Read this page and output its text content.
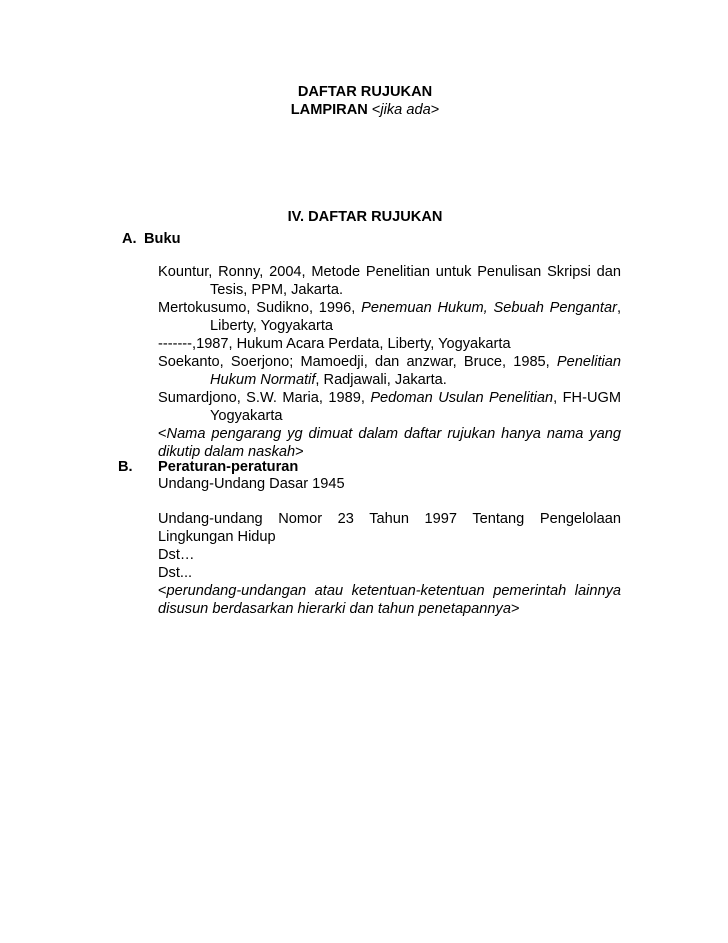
DAFTAR RUJUKAN
LAMPIRAN <jika ada>
IV. DAFTAR RUJUKAN
A. Buku
Kountur, Ronny, 2004, Metode Penelitian untuk Penulisan Skripsi dan
Tesis, PPM, Jakarta.
Mertokusumo, Sudikno, 1996, Penemuan Hukum, Sebuah Pengantar,
Liberty, Yogyakarta
-------,1987, Hukum Acara Perdata, Liberty, Yogyakarta
Soekanto, Soerjono; Mamoedji, dan anzwar, Bruce, 1985, Penelitian
Hukum Normatif, Radjawali, Jakarta.
Sumardjono, S.W. Maria, 1989, Pedoman Usulan Penelitian, FH-UGM
Yogyakarta
<Nama pengarang yg dimuat dalam daftar rujukan hanya nama yang
dikutip dalam naskah>
B. Peraturan-peraturan
Undang-Undang Dasar 1945
Undang-undang Nomor 23 Tahun 1997 Tentang Pengelolaan
Lingkungan Hidup
Dst…
Dst...
<perundang-undangan atau ketentuan-ketentuan pemerintah lainnya
disusun berdasarkan hierarki dan tahun penetapannya>
